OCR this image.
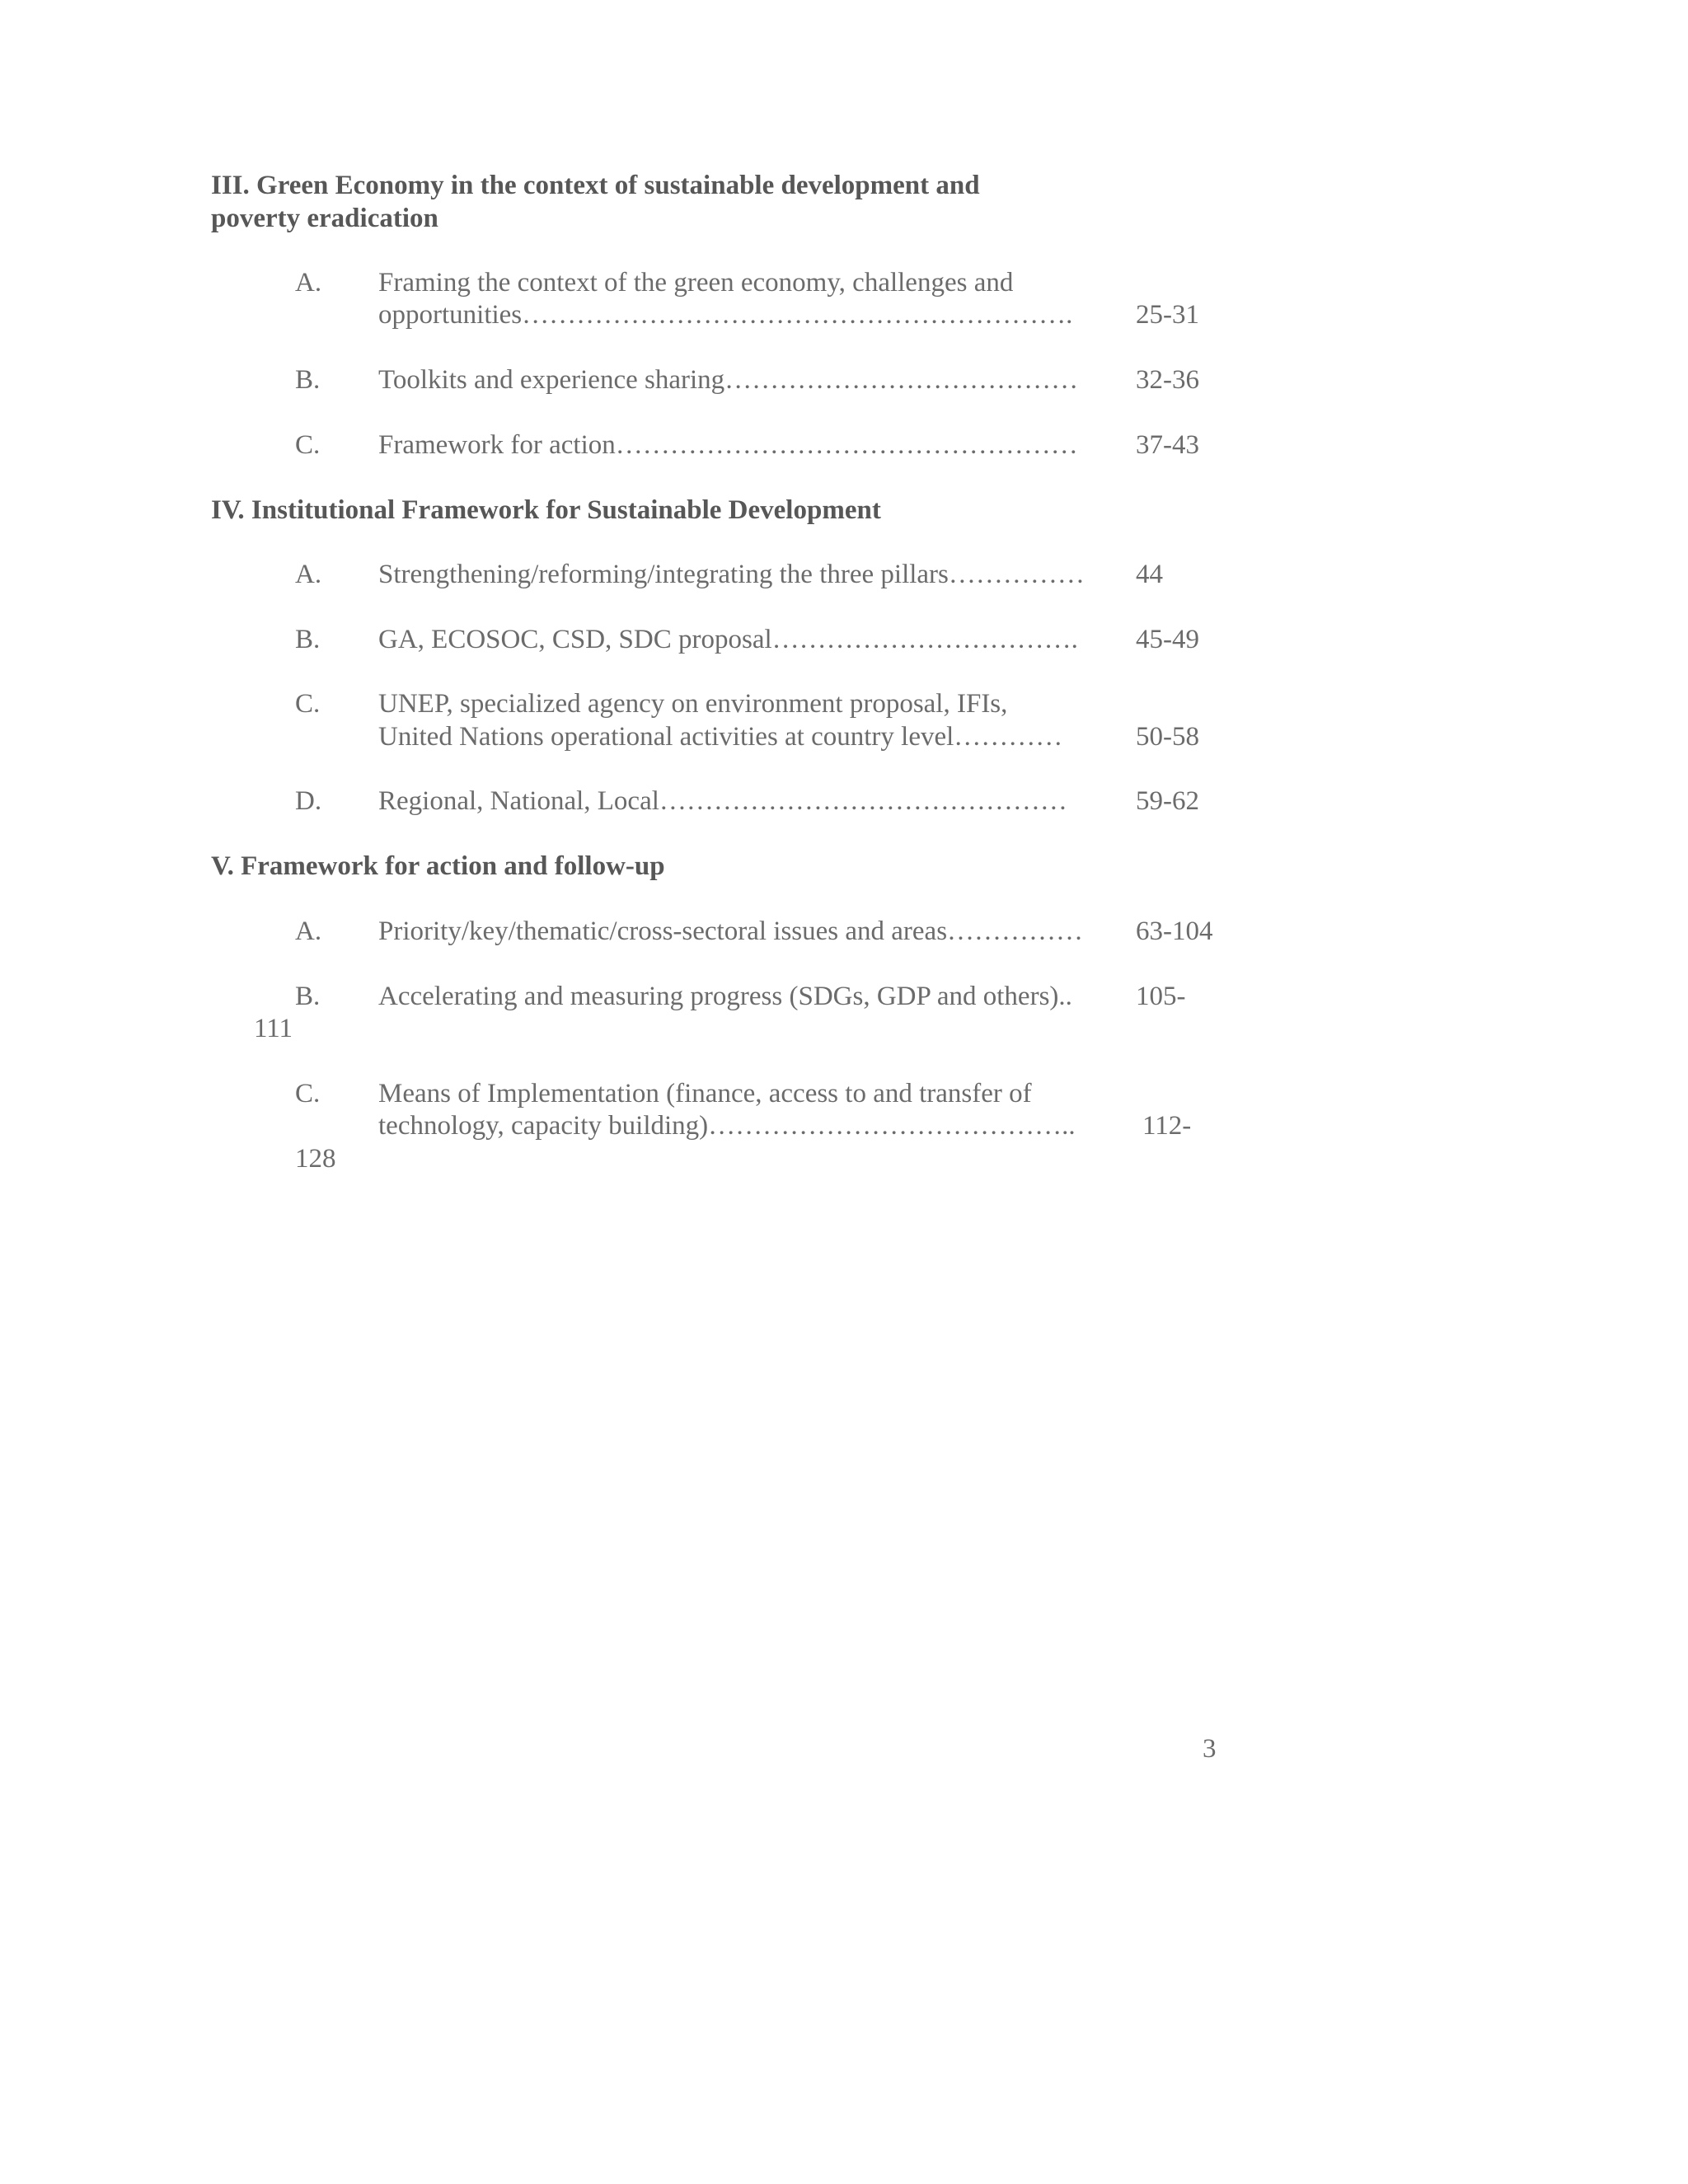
III. Green Economy in the context of sustainable development and
poverty eradication
A. Framing the context of the green economy, challenges and
opportunities……………………………………………………. 25-31
B. Toolkits and experience sharing………………………………… 32-36
C. Framework for action…………………………………………… 37-43
IV. Institutional Framework for Sustainable Development
A. Strengthening/reforming/integrating the three pillars…………… 44
B. GA, ECOSOC, CSD, SDC proposal……………………………. 45-49
C. UNEP, specialized agency on environment proposal, IFIs,
United Nations operational activities at country level…………	50-58
D. Regional, National, Local………………………………………	59-62
V. Framework for action and follow-up
A. Priority/key/thematic/cross-sectoral issues and areas…………… 63-104
B. Accelerating and measuring progress (SDGs, GDP and others).. 105-
111
C. Means of Implementation (finance, access to and transfer of
technology, capacity building)………………………………….. 112-
128
3
